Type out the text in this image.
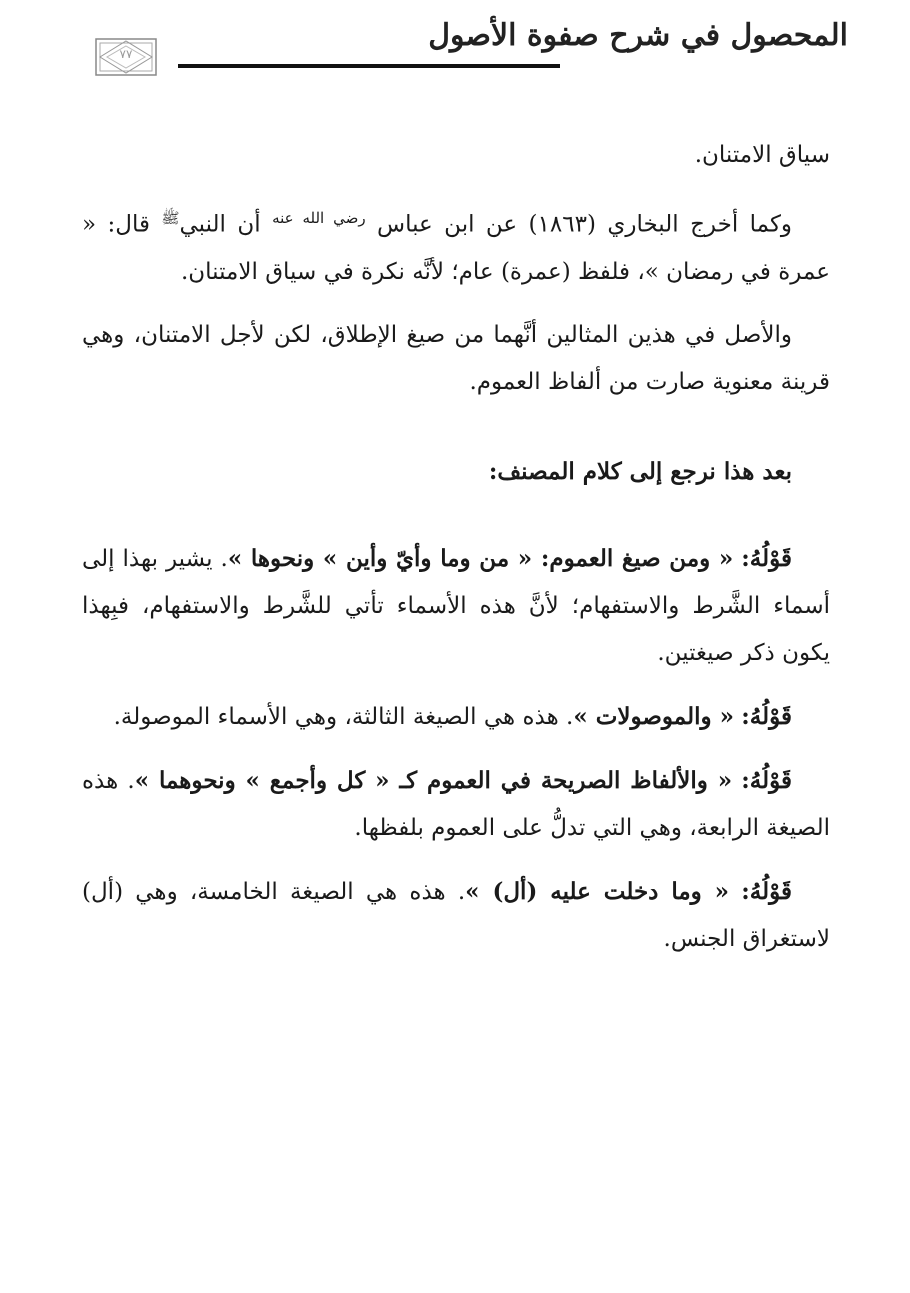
المحصول في شرح صفوة الأصول
٧٧

سياق الامتنان.

وكما أخرج البخاري (١٨٦٣) عن ابن عباس $^{رضي الله عنه}$ أن النبي$^ﷺ$ قال: « عمرة في رمضان »، فلفظ (عمرة) عام؛ لأنَّه نكرة في سياق الامتنان.

والأصل في هذين المثالين أنَّهما من صيغ الإطلاق، لكن لأجل الامتنان، وهي قرينة معنوية صارت من ألفاظ العموم.

بعد هذا نرجع إلى كلام المصنف:

قَوْلُهُ: « ومن صيغ العموم: « من وما وأيّ وأين » ونحوها ». يشير بهذا إلى أسماء الشَّرط والاستفهام؛ لأنَّ هذه الأسماء تأتي للشَّرط والاستفهام، فبِهذا يكون ذكر صيغتين.

قَوْلُهُ: « والموصولات ». هذه هي الصيغة الثالثة، وهي الأسماء الموصولة.

قَوْلُهُ: « والألفاظ الصريحة في العموم كـ « كل وأجمع » ونحوهما ». هذه الصيغة الرابعة، وهي التي تدلُّ على العموم بلفظها.

قَوْلُهُ: « وما دخلت عليه (أل) ». هذه هي الصيغة الخامسة، وهي (أل) لاستغراق الجنس.
